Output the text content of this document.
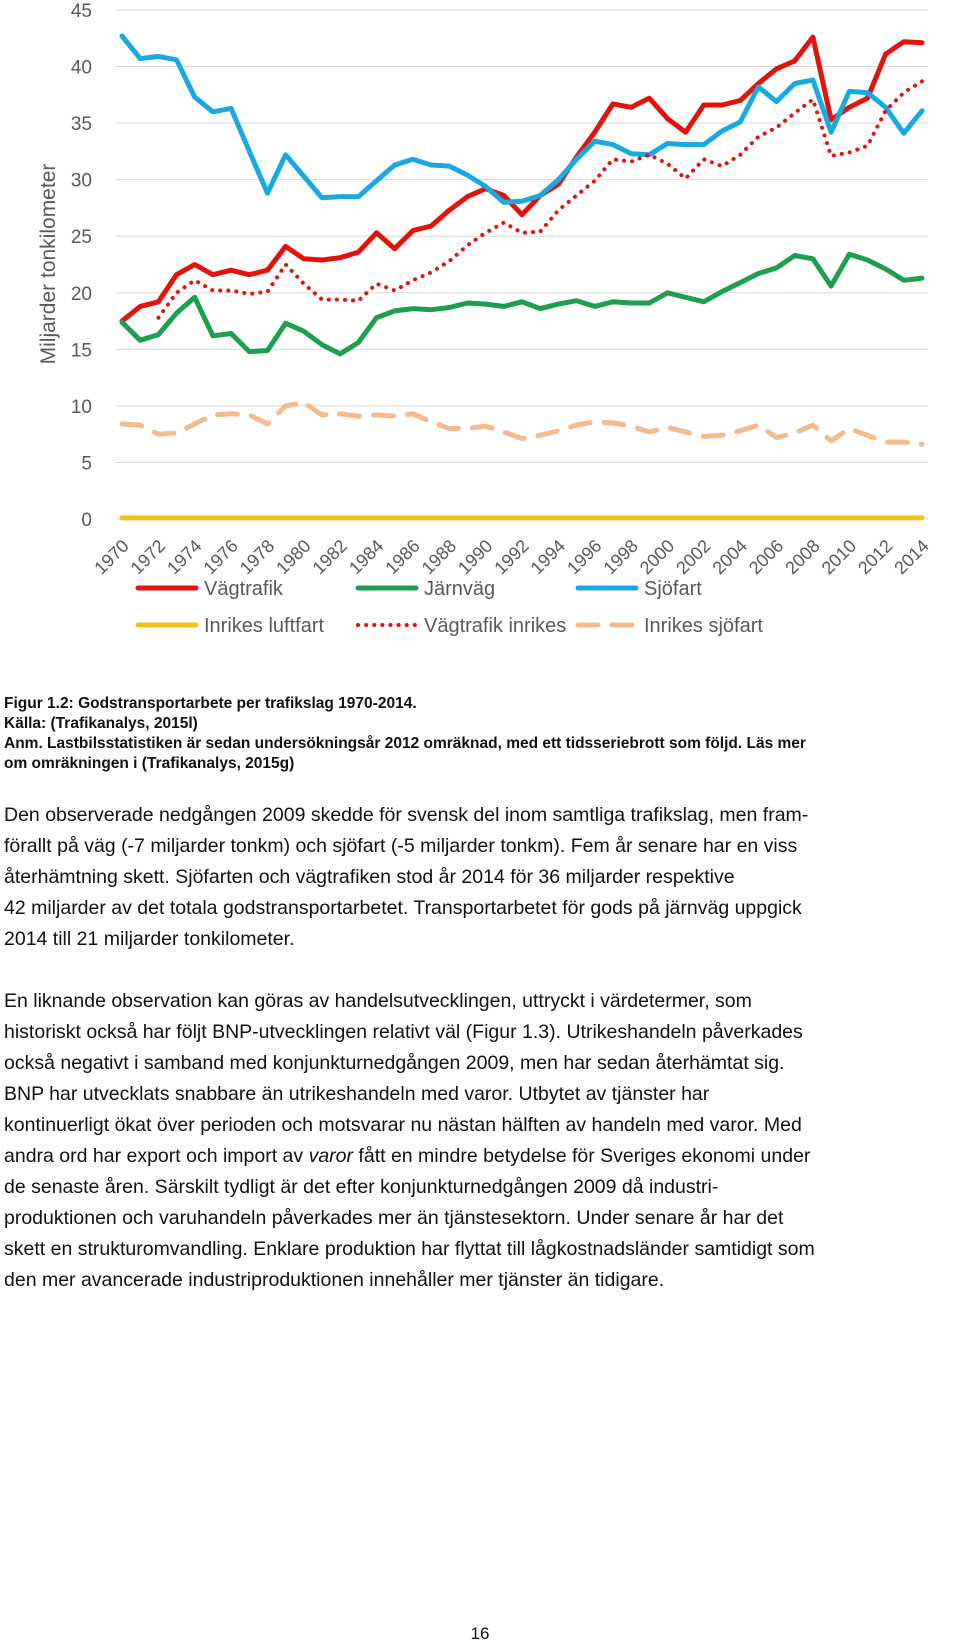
0
5
10
15
20
25
30
35
40
45
Miljarder tonkilometer
1970
1972
1974
1976
1978
1980
1982
1984
1986
1988
1990
1992
1994
1996
1998
2000
2002
2004
2006
2008
2010
2012
2014
Vägtrafik	Järnväg	Sjöfart
Inrikes luftfart	Vägtrafik inrikes	Inrikes sjöfart
Figur 1.2: Godstransportarbete per trafikslag 1970-2014.
Källa: (Trafikanalys, 2015l)
Anm. Lastbilsstatistiken är sedan undersökningsår 2012 omräknad, med ett tidsseriebrott som följd. Läs mer
om omräkningen i (Trafikanalys, 2015g)
Den observerade nedgången 2009 skedde för svensk del inom samtliga trafikslag, men fram-
förallt på väg (-7 miljarder tonkm) och sjöfart (-5 miljarder tonkm). Fem år senare har en viss
återhämtning skett. Sjöfarten och vägtrafiken stod år 2014 för 36 miljarder respektive
42 miljarder av det totala godstransportarbetet. Transportarbetet för gods på järnväg uppgick
2014 till 21 miljarder tonkilometer.
En liknande observation kan göras av handelsutvecklingen, uttryckt i värdetermer, som
historiskt också har följt BNP-utvecklingen relativt väl (Figur 1.3). Utrikeshandeln påverkades
också negativt i samband med konjunkturnedgången 2009, men har sedan återhämtat sig.
BNP har utvecklats snabbare än utrikeshandeln med varor. Utbytet av tjänster har
kontinuerligt ökat över perioden och motsvarar nu nästan hälften av handeln med varor. Med
andra ord har export och import av varor fått en mindre betydelse för Sveriges ekonomi under
de senaste åren. Särskilt tydligt är det efter konjunkturnedgången 2009 då industri-
produktionen och varuhandeln påverkades mer än tjänstesektorn. Under senare år har det
skett en strukturomvandling. Enklare produktion har flyttat till lågkostnadsländer samtidigt som
den mer avancerade industriproduktionen innehåller mer tjänster än tidigare.
16
